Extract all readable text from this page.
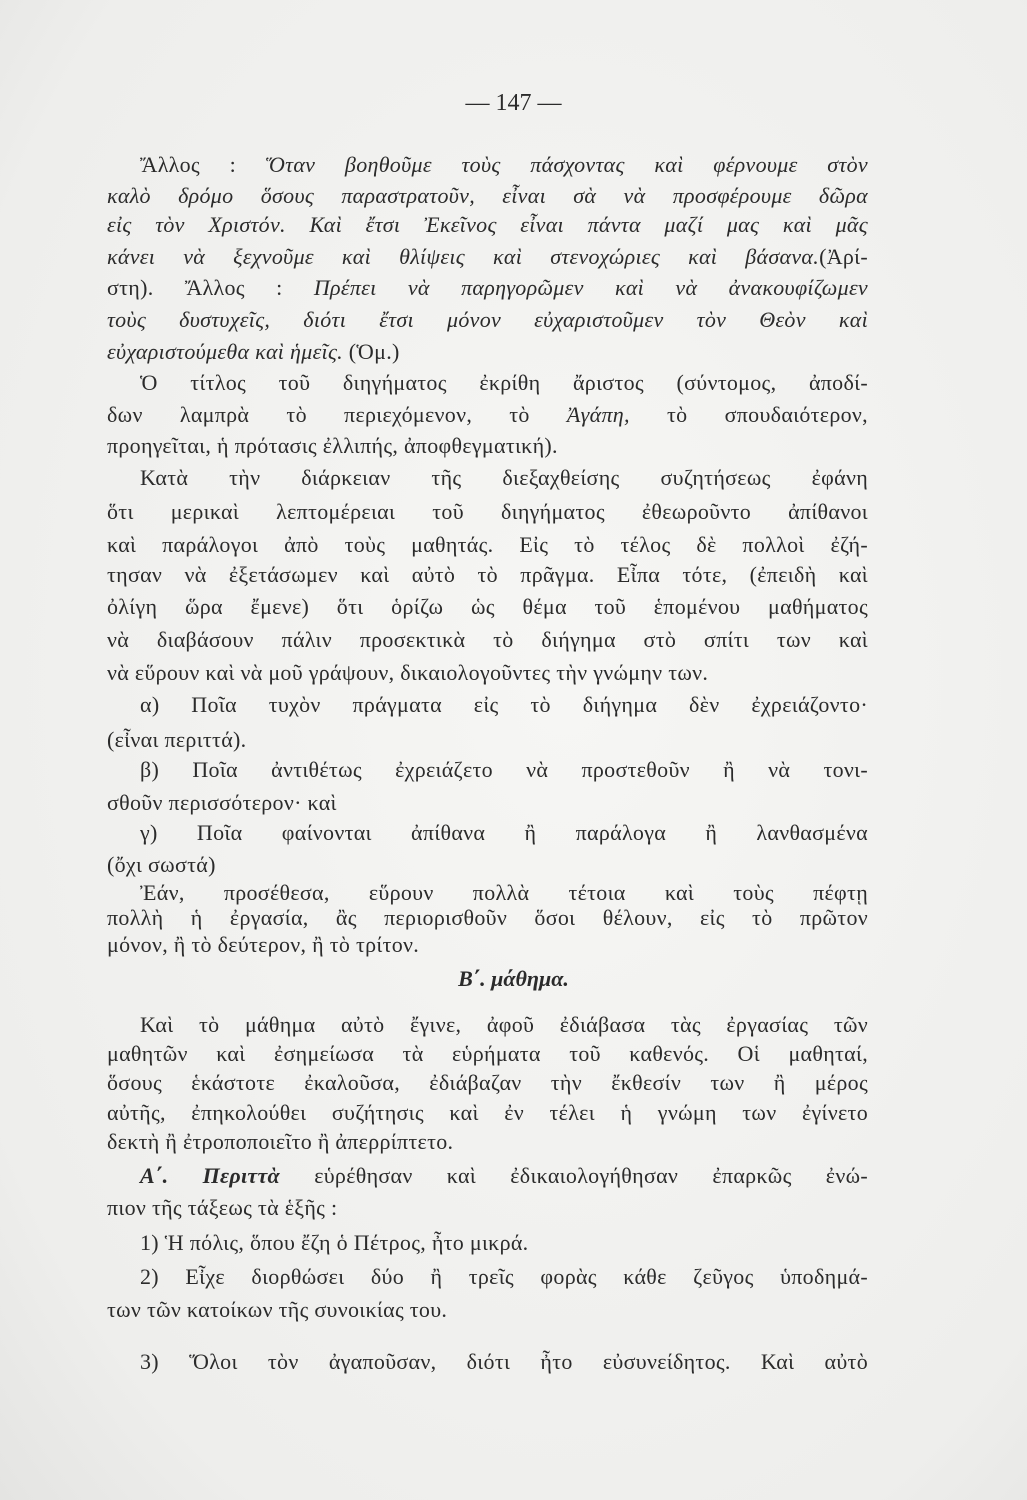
— 147 —
Ἄλλος : Ὅταν βοηθοῦμε τοὺς πάσχοντας καὶ φέρνουμε στὸν
καλὸ δρόμο ὅσους παραστρατοῦν, εἶναι σὰ νὰ προσφέρουμε δῶρα
εἰς τὸν Χριστόν. Καὶ ἔτσι Ἐκεῖνος εἶναι πάντα μαζί μας καὶ μᾶς
κάνει νὰ ξεχνοῦμε καὶ θλίψεις καὶ στενοχώριες καὶ βάσανα.(Ἀρί-
στη). Ἄλλος : Πρέπει νὰ παρηγορῶμεν καὶ νὰ ἀνακουφίζωμεν
τοὺς δυστυχεῖς, διότι ἔτσι μόνον εὐχαριστοῦμεν τὸν Θεὸν καὶ
εὐχαριστούμεθα καὶ ἡμεῖς. (Ὁμ.)
Ὁ τίτλος τοῦ διηγήματος ἐκρίθη ἄριστος (σύντομος, ἀποδί-
δων λαμπρὰ τὸ περιεχόμενον, τὸ Ἀγάπη, τὸ σπουδαιότερον,
προηγεῖται, ἡ πρότασις ἐλλιπής, ἀποφθεγματική).
Κατὰ τὴν διάρκειαν τῆς διεξαχθείσης συζητήσεως ἐφάνη
ὅτι μερικαὶ λεπτομέρειαι τοῦ διηγήματος ἐθεωροῦντο ἀπίθανοι
καὶ παράλογοι ἀπὸ τοὺς μαθητάς. Εἰς τὸ τέλος δὲ πολλοὶ ἐζή-
τησαν νὰ ἐξετάσωμεν καὶ αὐτὸ τὸ πρᾶγμα. Εἶπα τότε, (ἐπειδὴ καὶ
ὀλίγη ὥρα ἔμενε) ὅτι ὁρίζω ὡς θέμα τοῦ ἑπομένου μαθήματος
νὰ διαβάσουν πάλιν προσεκτικὰ τὸ διήγημα στὸ σπίτι των καὶ
νὰ εὕρουν καὶ νὰ μοῦ γράψουν, δικαιολογοῦντες τὴν γνώμην των.
α) Ποῖα τυχὸν πράγματα εἰς τὸ διήγημα δὲν ἐχρειάζοντο·
(εἶναι περιττά).
β) Ποῖα ἀντιθέτως ἐχρειάζετο νὰ προστεθοῦν ἢ νὰ τονι-
σθοῦν περισσότερον· καὶ
γ) Ποῖα φαίνονται ἀπίθανα ἢ παράλογα ἢ λανθασμένα
(ὄχι σωστά)
Ἐάν, προσέθεσα, εὕρουν πολλὰ τέτοια καὶ τοὺς πέφτῃ
πολλὴ ἡ ἐργασία, ἂς περιορισθοῦν ὅσοι θέλουν, εἰς τὸ πρῶτον
μόνον, ἢ τὸ δεύτερον, ἢ τὸ τρίτον.
Β΄. μάθημα.
Καὶ τὸ μάθημα αὐτὸ ἔγινε, ἀφοῦ ἐδιάβασα τὰς ἐργασίας τῶν
μαθητῶν καὶ ἐσημείωσα τὰ εὑρήματα τοῦ καθενός. Οἱ μαθηταί,
ὅσους ἑκάστοτε ἐκαλοῦσα, ἐδιάβαζαν τὴν ἔκθεσίν των ἢ μέρος
αὐτῆς, ἐπηκολούθει συζήτησις καὶ ἐν τέλει ἡ γνώμη των ἐγίνετο
δεκτὴ ἢ ἐτροποποιεῖτο ἢ ἀπερρίπτετο.
Α΄. Περιττὰ εὑρέθησαν καὶ ἐδικαιολογήθησαν ἐπαρκῶς ἐνώ-
πιον τῆς τάξεως τὰ ἑξῆς :
1) Ἡ πόλις, ὅπου ἔζη ὁ Πέτρος, ἦτο μικρά.
2) Εἶχε διορθώσει δύο ἢ τρεῖς φορὰς κάθε ζεῦγος ὑποδημά-
των τῶν κατοίκων τῆς συνοικίας του.
3) Ὅλοι τὸν ἀγαποῦσαν, διότι ἦτο εὐσυνείδητος. Καὶ αὐτὸ
